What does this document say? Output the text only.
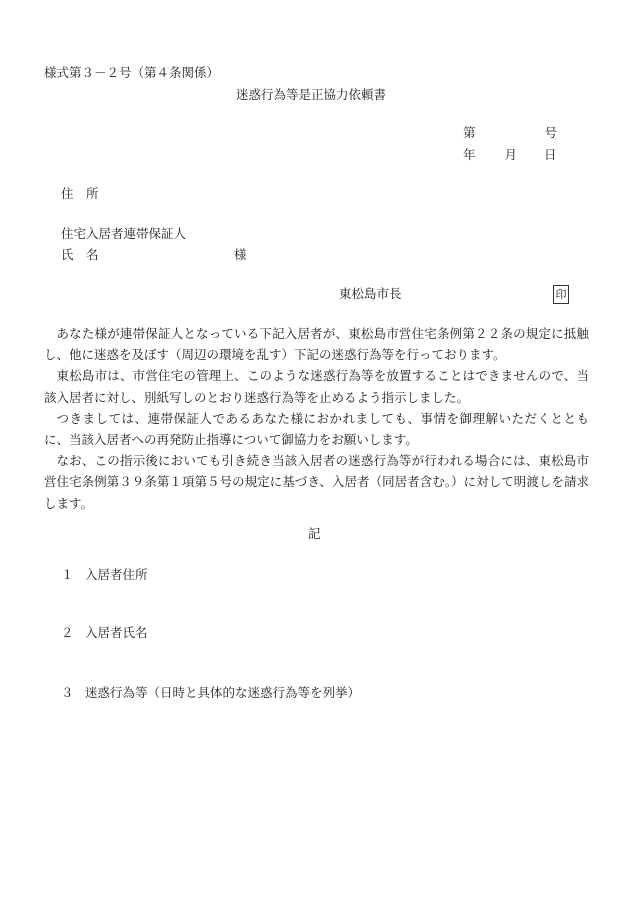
様式第３－２号（第４条関係）
迷惑行為等是正協力依頼書
第	号
年 月 日
住　所
住宅入居者連帯保証人
氏　名	様
東松島市長	印

あなた様が連帯保証人となっている下記入居者が、東松島市営住宅条例第２２条の規定に抵触し、他に迷惑を及ぼす（周辺の環境を乱す）下記の迷惑行為等を行っております。

東松島市は、市営住宅の管理上、このような迷惑行為等を放置することはできませんので、当該入居者に対し、別紙写しのとおり迷惑行為等を止めるよう指示しました。

つきましては、連帯保証人であるあなた様におかれましても、事情を御理解いただくとともに、当該入居者への再発防止指導について御協力をお願いします。

なお、この指示後においても引き続き当該入居者の迷惑行為等が行われる場合には、東松島市営住宅条例第３９条第１項第５号の規定に基づき、入居者（同居者含む。）に対して明渡しを請求します。

記
１ 入居者住所
２ 入居者氏名
３ 迷惑行為等（日時と具体的な迷惑行為等を列挙）
